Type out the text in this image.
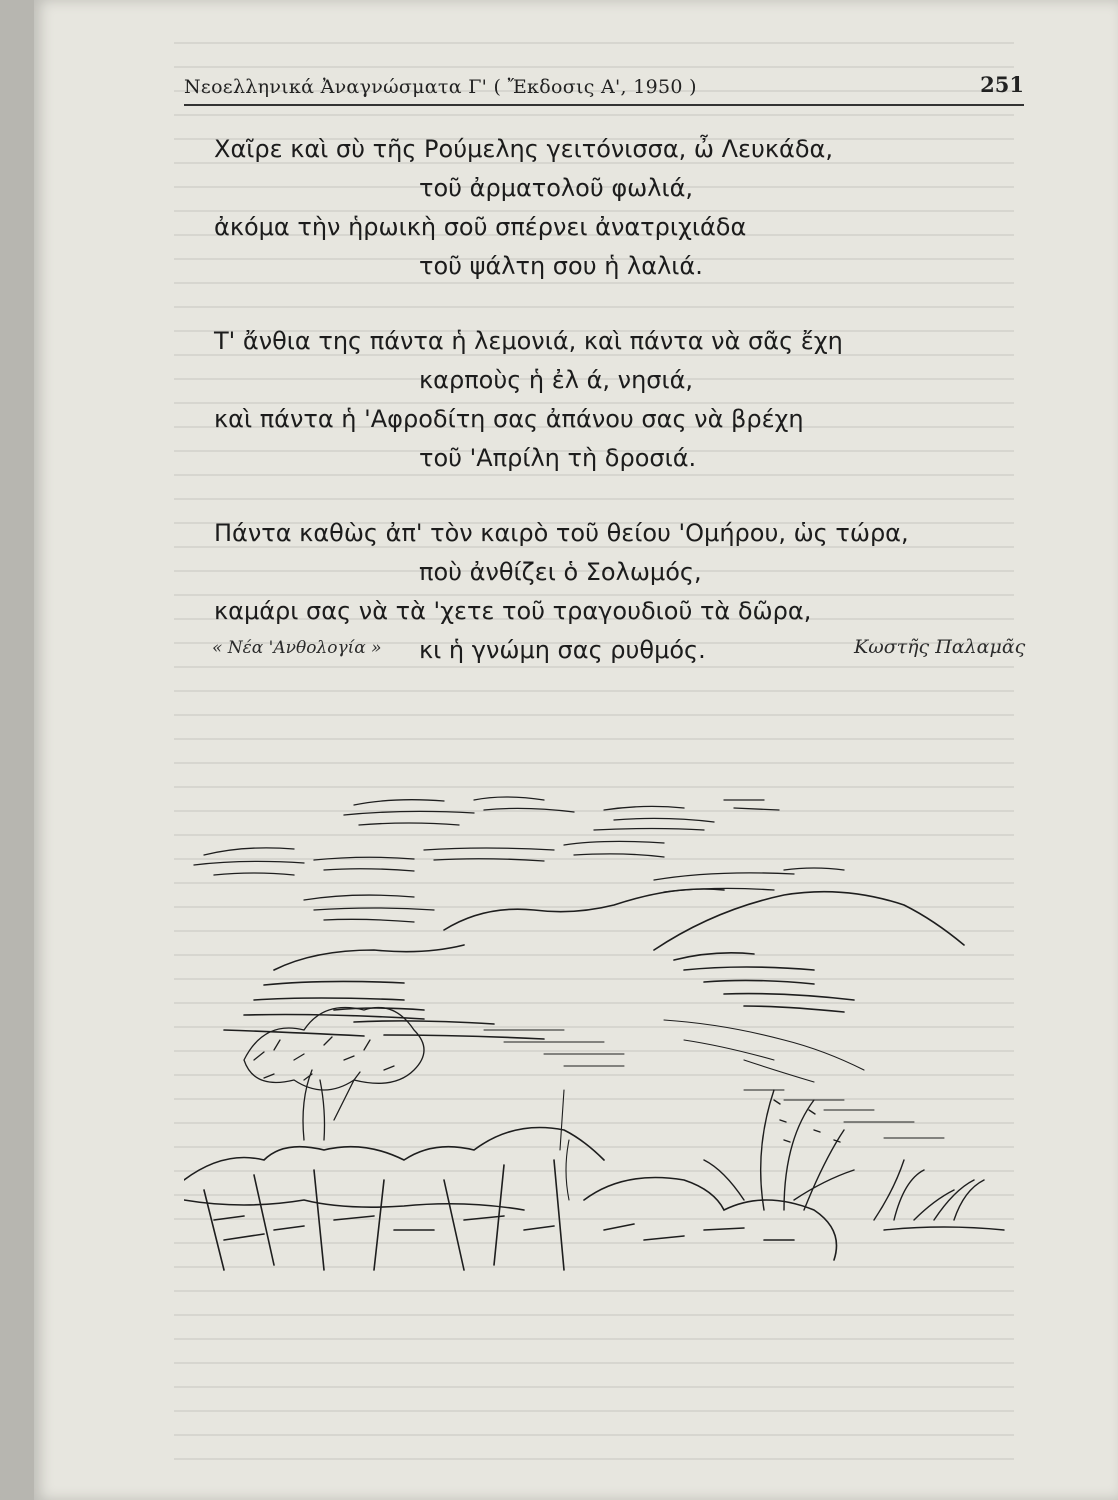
Νεοελληνικά Ἀναγνώσματα Γ' ( Ἔκδοσις Α', 1950 )	251
Χαῖρε καὶ σὺ τῆς Ρούμελης γειτόνισσα, ὦ Λευκάδα,
τοῦ ἀρματολοῦ φωλιά,
ἀκόμα τὴν ἡρωικὴ σοῦ σπέρνει ἀνατριχιάδα
τοῦ ψάλτη σου ἡ λαλιά.
Τ' ἄνθια της πάντα ἡ λεμονιά, καὶ πάντα νὰ σᾶς ἔχη
καρποὺς ἡ ἐλ ά, νησιά,
καὶ πάντα ἡ 'Αφροδίτη σας ἀπάνου σας νὰ βρέχη
τοῦ 'Απρίλη τὴ δροσιά.
Πάντα καθὼς ἀπ' τὸν καιρὸ τοῦ θείου 'Ομήρου, ὡς τώρα,
ποὺ ἀνθίζει ὁ Σολωμός,
καμάρι σας νὰ τὰ 'χετε τοῦ τραγουδιοῦ τὰ δῶρα,
κι ἡ γνώμη σας ρυθμός.
« Νέα 'Ανθολογία »	Κωστῆς Παλαμᾶς
